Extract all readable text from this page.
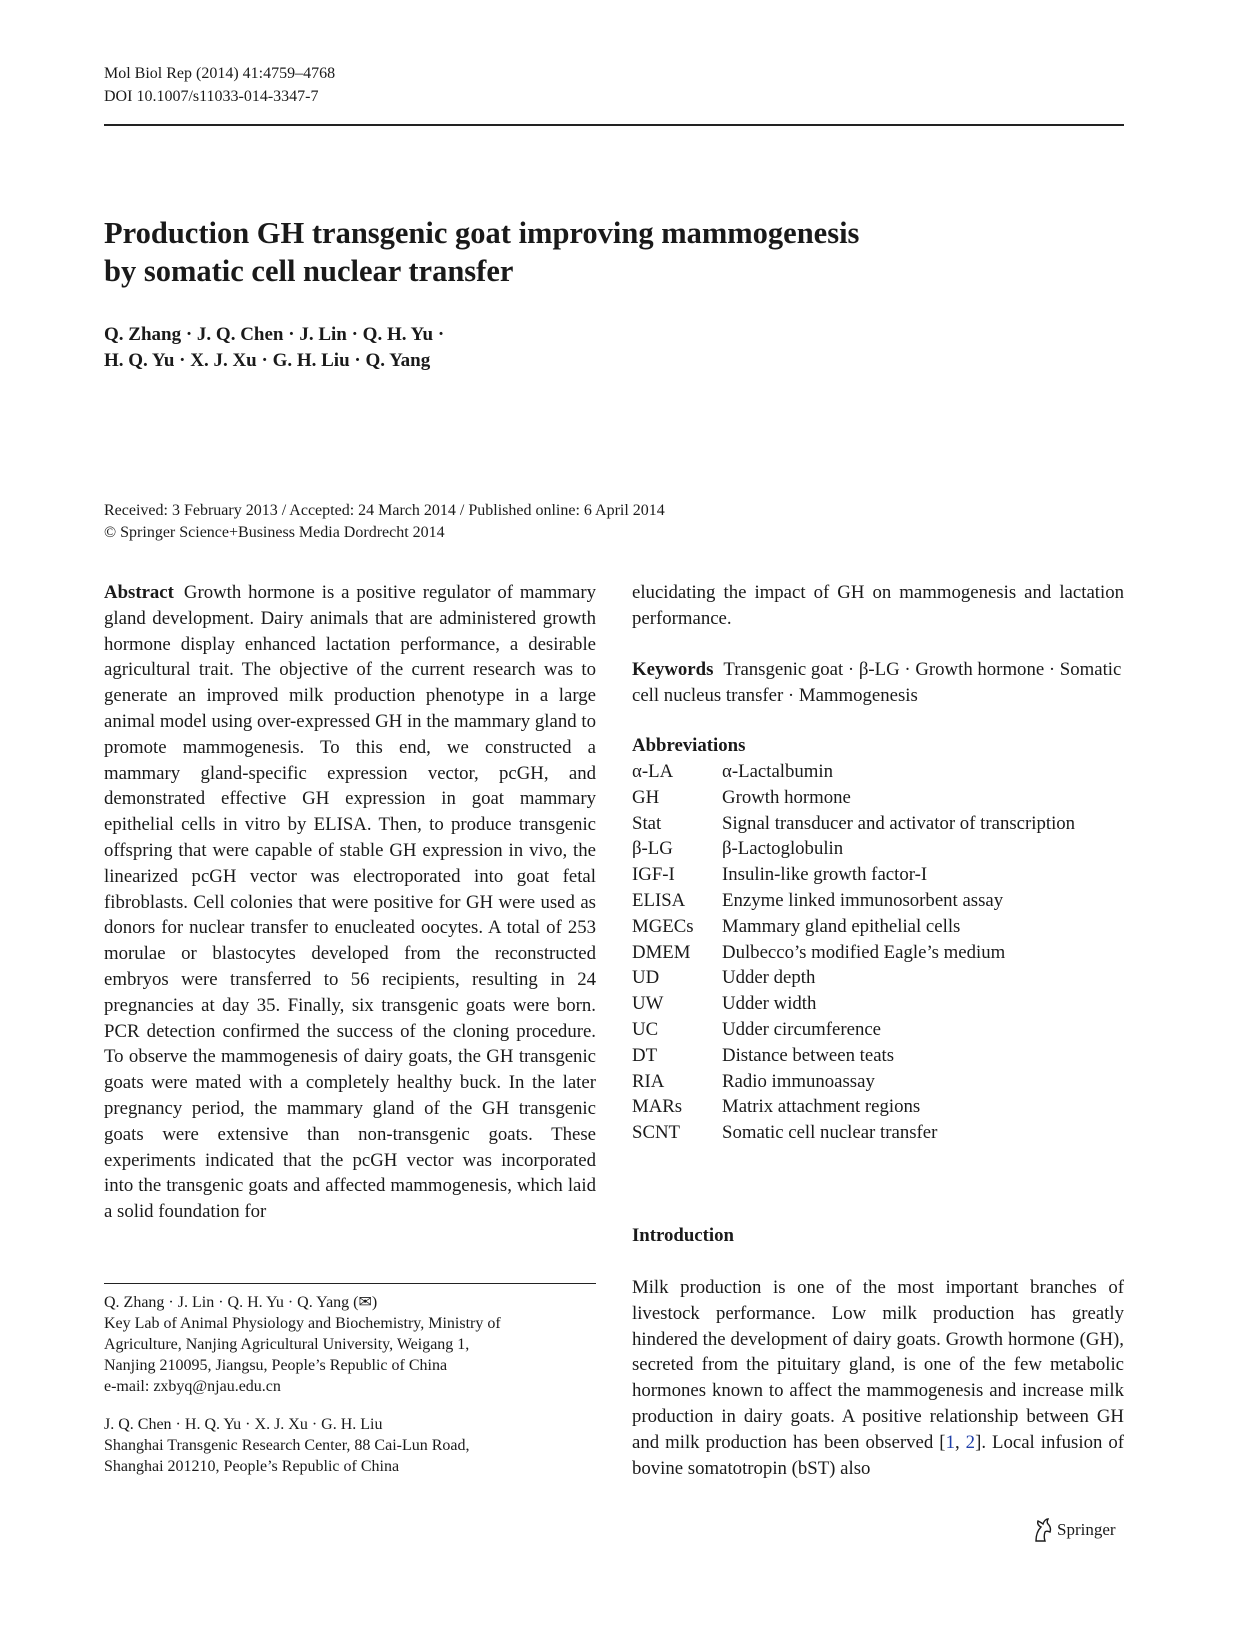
Mol Biol Rep (2014) 41:4759–4768
DOI 10.1007/s11033-014-3347-7
Production GH transgenic goat improving mammogenesis
by somatic cell nuclear transfer
Q. Zhang · J. Q. Chen · J. Lin · Q. H. Yu ·
H. Q. Yu · X. J. Xu · G. H. Liu · Q. Yang
Received: 3 February 2013 / Accepted: 24 March 2014 / Published online: 6 April 2014
© Springer Science+Business Media Dordrecht 2014
Abstract Growth hormone is a positive regulator of mammary gland development. Dairy animals that are administered growth hormone display enhanced lactation performance, a desirable agricultural trait. The objective of the current research was to generate an improved milk production phenotype in a large animal model using over-expressed GH in the mammary gland to promote mammogenesis. To this end, we constructed a mammary gland-specific expression vector, pcGH, and demonstrated effective GH expression in goat mammary epithelial cells in vitro by ELISA. Then, to produce transgenic offspring that were capable of stable GH expression in vivo, the linearized pcGH vector was electroporated into goat fetal fibroblasts. Cell colonies that were positive for GH were used as donors for nuclear transfer to enucleated oocytes. A total of 253 morulae or blastocytes developed from the reconstructed embryos were transferred to 56 recipients, resulting in 24 pregnancies at day 35. Finally, six transgenic goats were born. PCR detection confirmed the success of the cloning procedure. To observe the mammogenesis of dairy goats, the GH transgenic goats were mated with a completely healthy buck. In the later pregnancy period, the mammary gland of the GH transgenic goats were extensive than non-transgenic goats. These experiments indicated that the pcGH vector was incorporated into the transgenic goats and affected mammogenesis, which laid a solid foundation for
elucidating the impact of GH on mammogenesis and lactation performance.
Keywords Transgenic goat · β-LG · Growth hormone · Somatic cell nucleus transfer · Mammogenesis
Abbreviations
α-LA	α-Lactalbumin
GH	Growth hormone
Stat	Signal transducer and activator of transcription
β-LG	β-Lactoglobulin
IGF-I	Insulin-like growth factor-I
ELISA	Enzyme linked immunosorbent assay
MGECs	Mammary gland epithelial cells
DMEM	Dulbecco’s modified Eagle’s medium
UD	Udder depth
UW	Udder width
UC	Udder circumference
DT	Distance between teats
RIA	Radio immunoassay
MARs	Matrix attachment regions
SCNT	Somatic cell nuclear transfer
Introduction
Milk production is one of the most important branches of livestock performance. Low milk production has greatly hindered the development of dairy goats. Growth hormone (GH), secreted from the pituitary gland, is one of the few metabolic hormones known to affect the mammogenesis and increase milk production in dairy goats. A positive relationship between GH and milk production has been observed [1, 2]. Local infusion of bovine somatotropin (bST) also
Q. Zhang · J. Lin · Q. H. Yu · Q. Yang (✉)
Key Lab of Animal Physiology and Biochemistry, Ministry of
Agriculture, Nanjing Agricultural University, Weigang 1,
Nanjing 210095, Jiangsu, People’s Republic of China
e-mail: zxbyq@njau.edu.cn
J. Q. Chen · H. Q. Yu · X. J. Xu · G. H. Liu
Shanghai Transgenic Research Center, 88 Cai-Lun Road,
Shanghai 201210, People’s Republic of China
Springer
